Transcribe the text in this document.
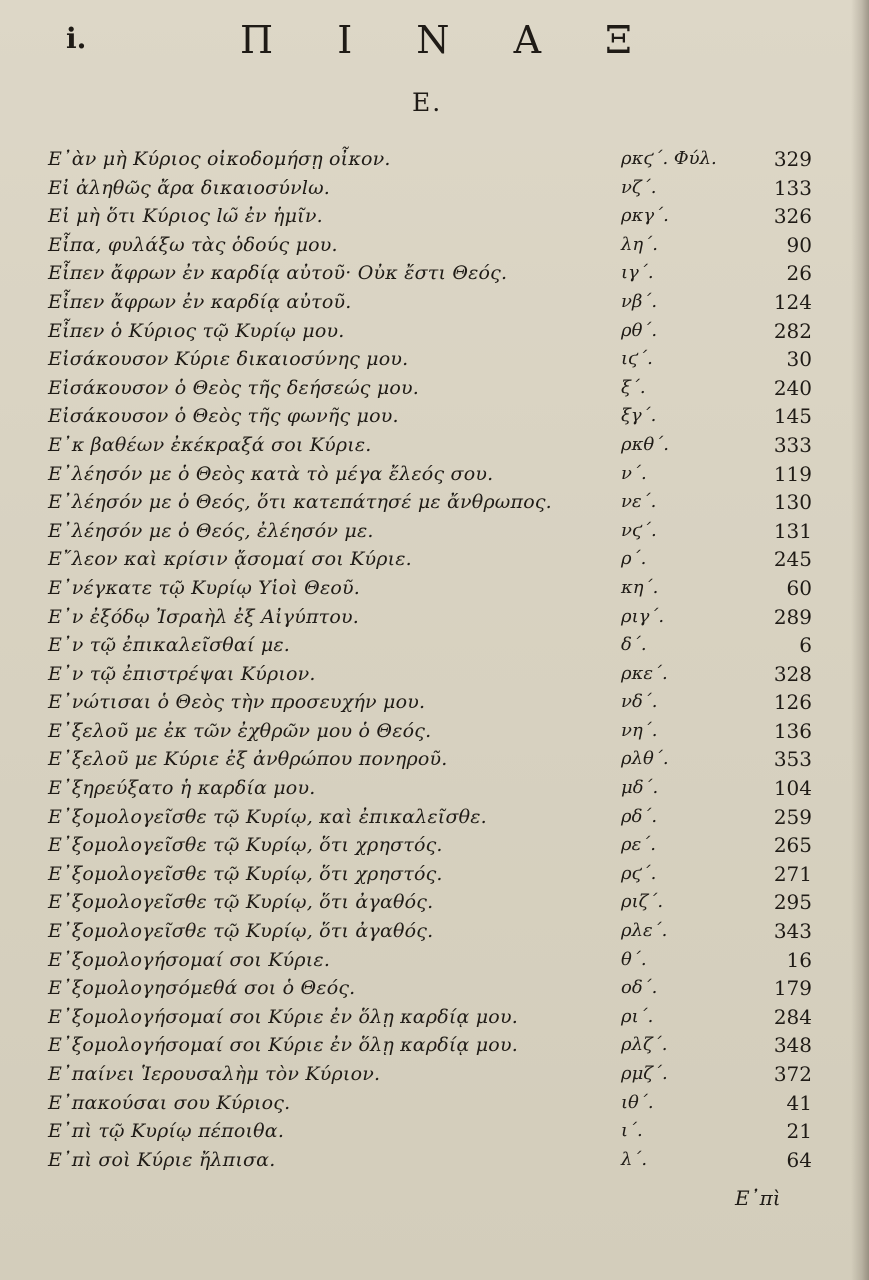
i.	Π Ι Ν Α Ξ
Ε.
Ε᾿ὰν μὴ Κύριος οἰκοδομήσῃ οἶκον.	ρκϛ΄. Φύλ.	329
Εἰ ἀληθῶς ἄρα δικαιοσύνlω.	νζ΄.	133
Εἰ μὴ ὅτι Κύριος lω̃ ἐν ἡμῖν.	ρκγ΄.	326
Εἶπα, φυλάξω τὰς ὁδούς μου.	λη΄.	90
Εἶπεν ἄφρων ἐν καρδίᾳ αὐτοῦ· Οὐκ ἔστι Θεός.	ιγ΄.	26
Εἶπεν ἄφρων ἐν καρδίᾳ αὐτοῦ.	νβ΄.	124
Εἶπεν ὁ Κύριος τῷ Κυρίῳ μου.	ρθ΄.	282
Εἰσάκουσον Κύριε δικαιοσύνης μου.	ιϛ΄.	30
Εἰσάκουσον ὁ Θεὸς τῆς δεήσεώς μου.	ξ΄.	240
Εἰσάκουσον ὁ Θεὸς τῆς φωνῆς μου.	ξγ΄.	145
Ε᾿κ βαθέων ἐκέκραξά σοι Κύριε.	ρκθ΄.	333
Ε᾿λέησόν με ὁ Θεὸς κατὰ τὸ μέγα ἔλεός σου.	ν΄.	119
Ε᾿λέησόν με ὁ Θεός, ὅτι κατεπάτησέ με ἄνθρωπος.	νε΄.	130
Ε᾿λέησόν με ὁ Θεός, ἐλέησόν με.	νϛ΄.	131
Ε῎λεον καὶ κρίσιν ᾄσομαί σοι Κύριε.	ρ΄.	245
Ε᾿νέγκατε τῷ Κυρίῳ Υἱοὶ Θεοῦ.	κη΄.	60
Ε᾿ν ἐξόδῳ Ἰσραὴλ ἐξ Αἰγύπτου.	ριγ΄.	289
Ε᾿ν τῷ ἐπικαλεῖσθαί με.	δ΄.	6
Ε᾿ν τῷ ἐπιστρέψαι Κύριον.	ρκε΄.	328
Ε᾿νώτισαι ὁ Θεὸς τὴν προσευχήν μου.	νδ΄.	126
Ε᾿ξελοῦ με ἐκ τῶν ἐχθρῶν μου ὁ Θεός.	νη΄.	136
Ε᾿ξελοῦ με Κύριε ἐξ ἀνθρώπου πονηροῦ.	ρλθ΄.	353
Ε᾿ξηρεύξατο ἡ καρδία μου.	μδ΄.	104
Ε᾿ξομολογεῖσθε τῷ Κυρίῳ, καὶ ἐπικαλεῖσθε.	ρδ΄.	259
Ε᾿ξομολογεῖσθε τῷ Κυρίῳ, ὅτι χρηστός.	ρε΄.	265
Ε᾿ξομολογεῖσθε τῷ Κυρίῳ, ὅτι χρηστός.	ρϛ΄.	271
Ε᾿ξομολογεῖσθε τῷ Κυρίῳ, ὅτι ἀγαθός.	ριζ΄.	295
Ε᾿ξομολογεῖσθε τῷ Κυρίῳ, ὅτι ἀγαθός.	ρλε΄.	343
Ε᾿ξομολογήσομαί σοι Κύριε.	θ΄.	16
Ε᾿ξομολογησόμεθά σοι ὁ Θεός.	οδ΄.	179
Ε᾿ξομολογήσομαί σοι Κύριε ἐν ὅλῃ καρδίᾳ μου.	ρι΄.	284
Ε᾿ξομολογήσομαί σοι Κύριε ἐν ὅλῃ καρδίᾳ μου.	ρλζ΄.	348
Ε᾿παίνει Ἱερουσαλὴμ τὸν Κύριον.	ρμζ΄.	372
Ε᾿πακούσαι σου Κύριος.	ιθ΄.	41
Ε᾿πὶ τῷ Κυρίῳ πέποιθα.	ι΄.	21
Ε᾿πὶ σοὶ Κύριε ἤλπισα.	λ΄.	64
Ε᾿πὶ
